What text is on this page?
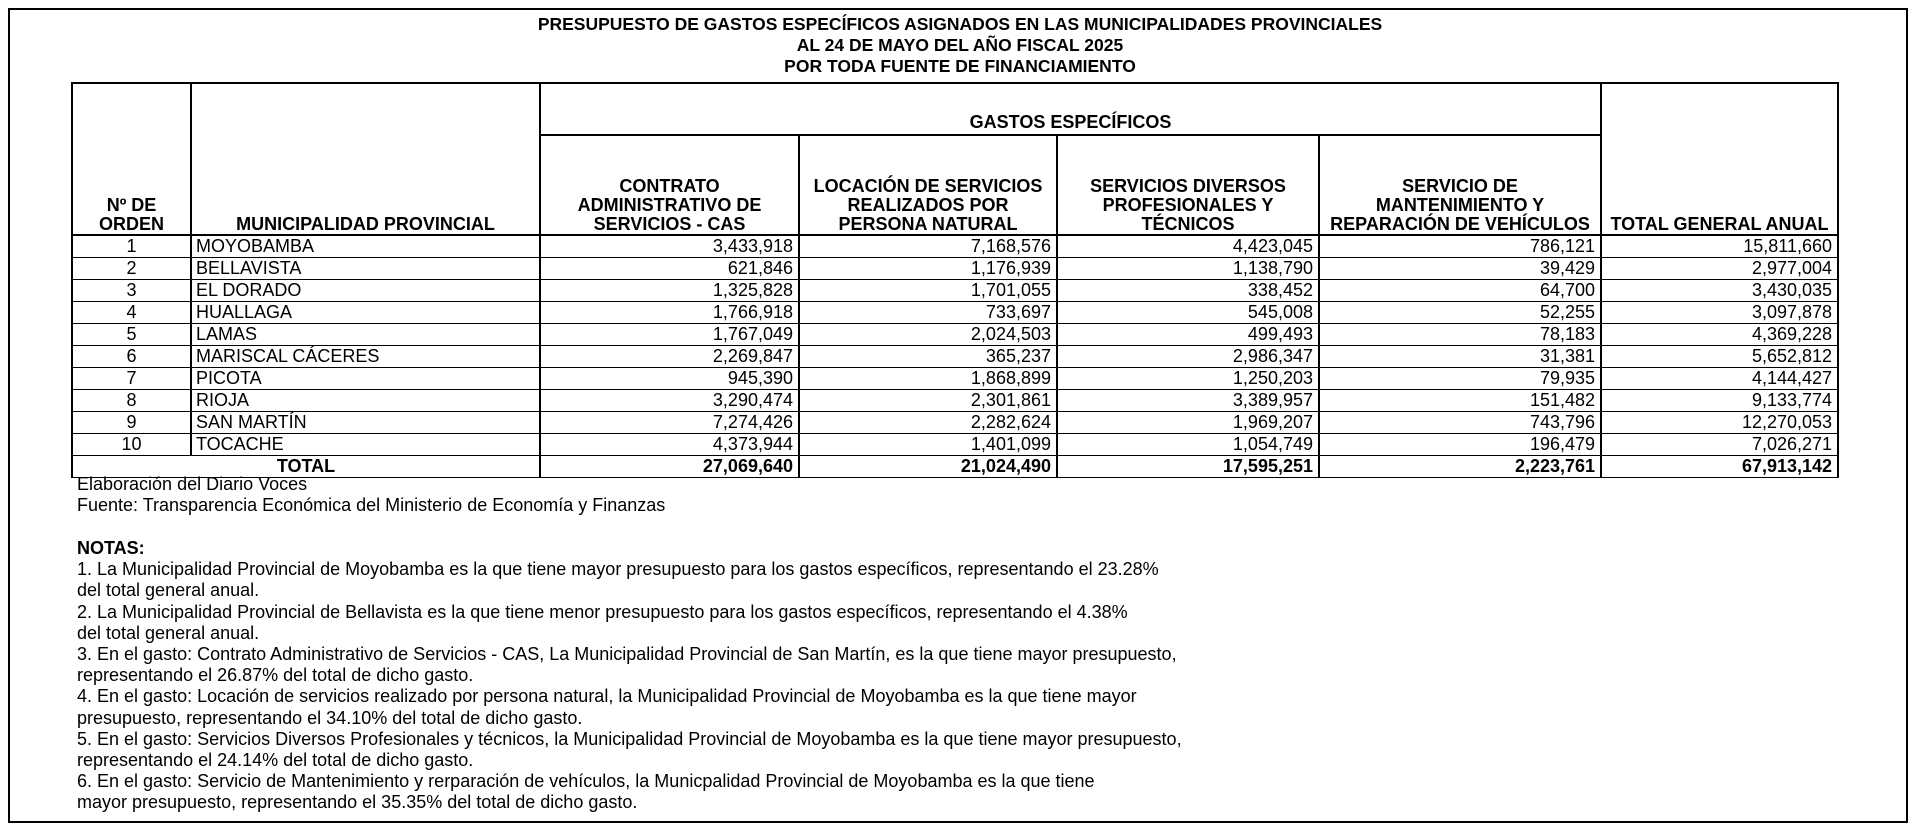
PRESUPUESTO DE GASTOS ESPECÍFICOS ASIGNADOS EN LAS MUNICIPALIDADES PROVINCIALES
AL 24 DE MAYO DEL AÑO FISCAL 2025
POR TODA FUENTE DE FINANCIAMIENTO
Nº DE ORDEN	MUNICIPALIDAD PROVINCIAL	GASTOS ESPECÍFICOS				TOTAL GENERAL ANUAL
		CONTRATO ADMINISTRATIVO DE SERVICIOS - CAS	LOCACIÓN DE SERVICIOS REALIZADOS POR PERSONA NATURAL	SERVICIOS DIVERSOS PROFESIONALES Y TÉCNICOS	SERVICIO DE MANTENIMIENTO Y REPARACIÓN DE VEHÍCULOS	
1	MOYOBAMBA	3,433,918	7,168,576	4,423,045	786,121	15,811,660
2	BELLAVISTA	621,846	1,176,939	1,138,790	39,429	2,977,004
3	EL DORADO	1,325,828	1,701,055	338,452	64,700	3,430,035
4	HUALLAGA	1,766,918	733,697	545,008	52,255	3,097,878
5	LAMAS	1,767,049	2,024,503	499,493	78,183	4,369,228
6	MARISCAL CÁCERES	2,269,847	365,237	2,986,347	31,381	5,652,812
7	PICOTA	945,390	1,868,899	1,250,203	79,935	4,144,427
8	RIOJA	3,290,474	2,301,861	3,389,957	151,482	9,133,774
9	SAN MARTÍN	7,274,426	2,282,624	1,969,207	743,796	12,270,053
10	TOCACHE	4,373,944	1,401,099	1,054,749	196,479	7,026,271
TOTAL		27,069,640	21,024,490	17,595,251	2,223,761	67,913,142
Elaboración del Diario Voces
Fuente: Transparencia Económica del Ministerio de Economía y Finanzas
NOTAS:
1. La Municipalidad Provincial de Moyobamba es la que tiene mayor presupuesto para los gastos específicos, representando el 23.28%
del total general anual.
2. La Municipalidad Provincial de Bellavista es la que tiene menor presupuesto para los gastos específicos, representando el 4.38%
del total general anual.
3. En el gasto: Contrato Administrativo de Servicios - CAS, La Municipalidad Provincial de San Martín, es la que tiene mayor presupuesto,
representando el 26.87% del total de dicho gasto.
4. En el gasto: Locación de servicios realizado por persona natural, la Municipalidad Provincial de Moyobamba es la que tiene mayor
presupuesto, representando el 34.10% del total de dicho gasto.
5. En el gasto: Servicios Diversos Profesionales y técnicos, la Municipalidad Provincial de Moyobamba es la que tiene mayor presupuesto,
representando el 24.14% del total de dicho gasto.
6. En el gasto: Servicio de Mantenimiento y rerparación de vehículos, la Municpalidad Provincial de Moyobamba es la que tiene
mayor presupuesto, representando el 35.35% del total de dicho gasto.
